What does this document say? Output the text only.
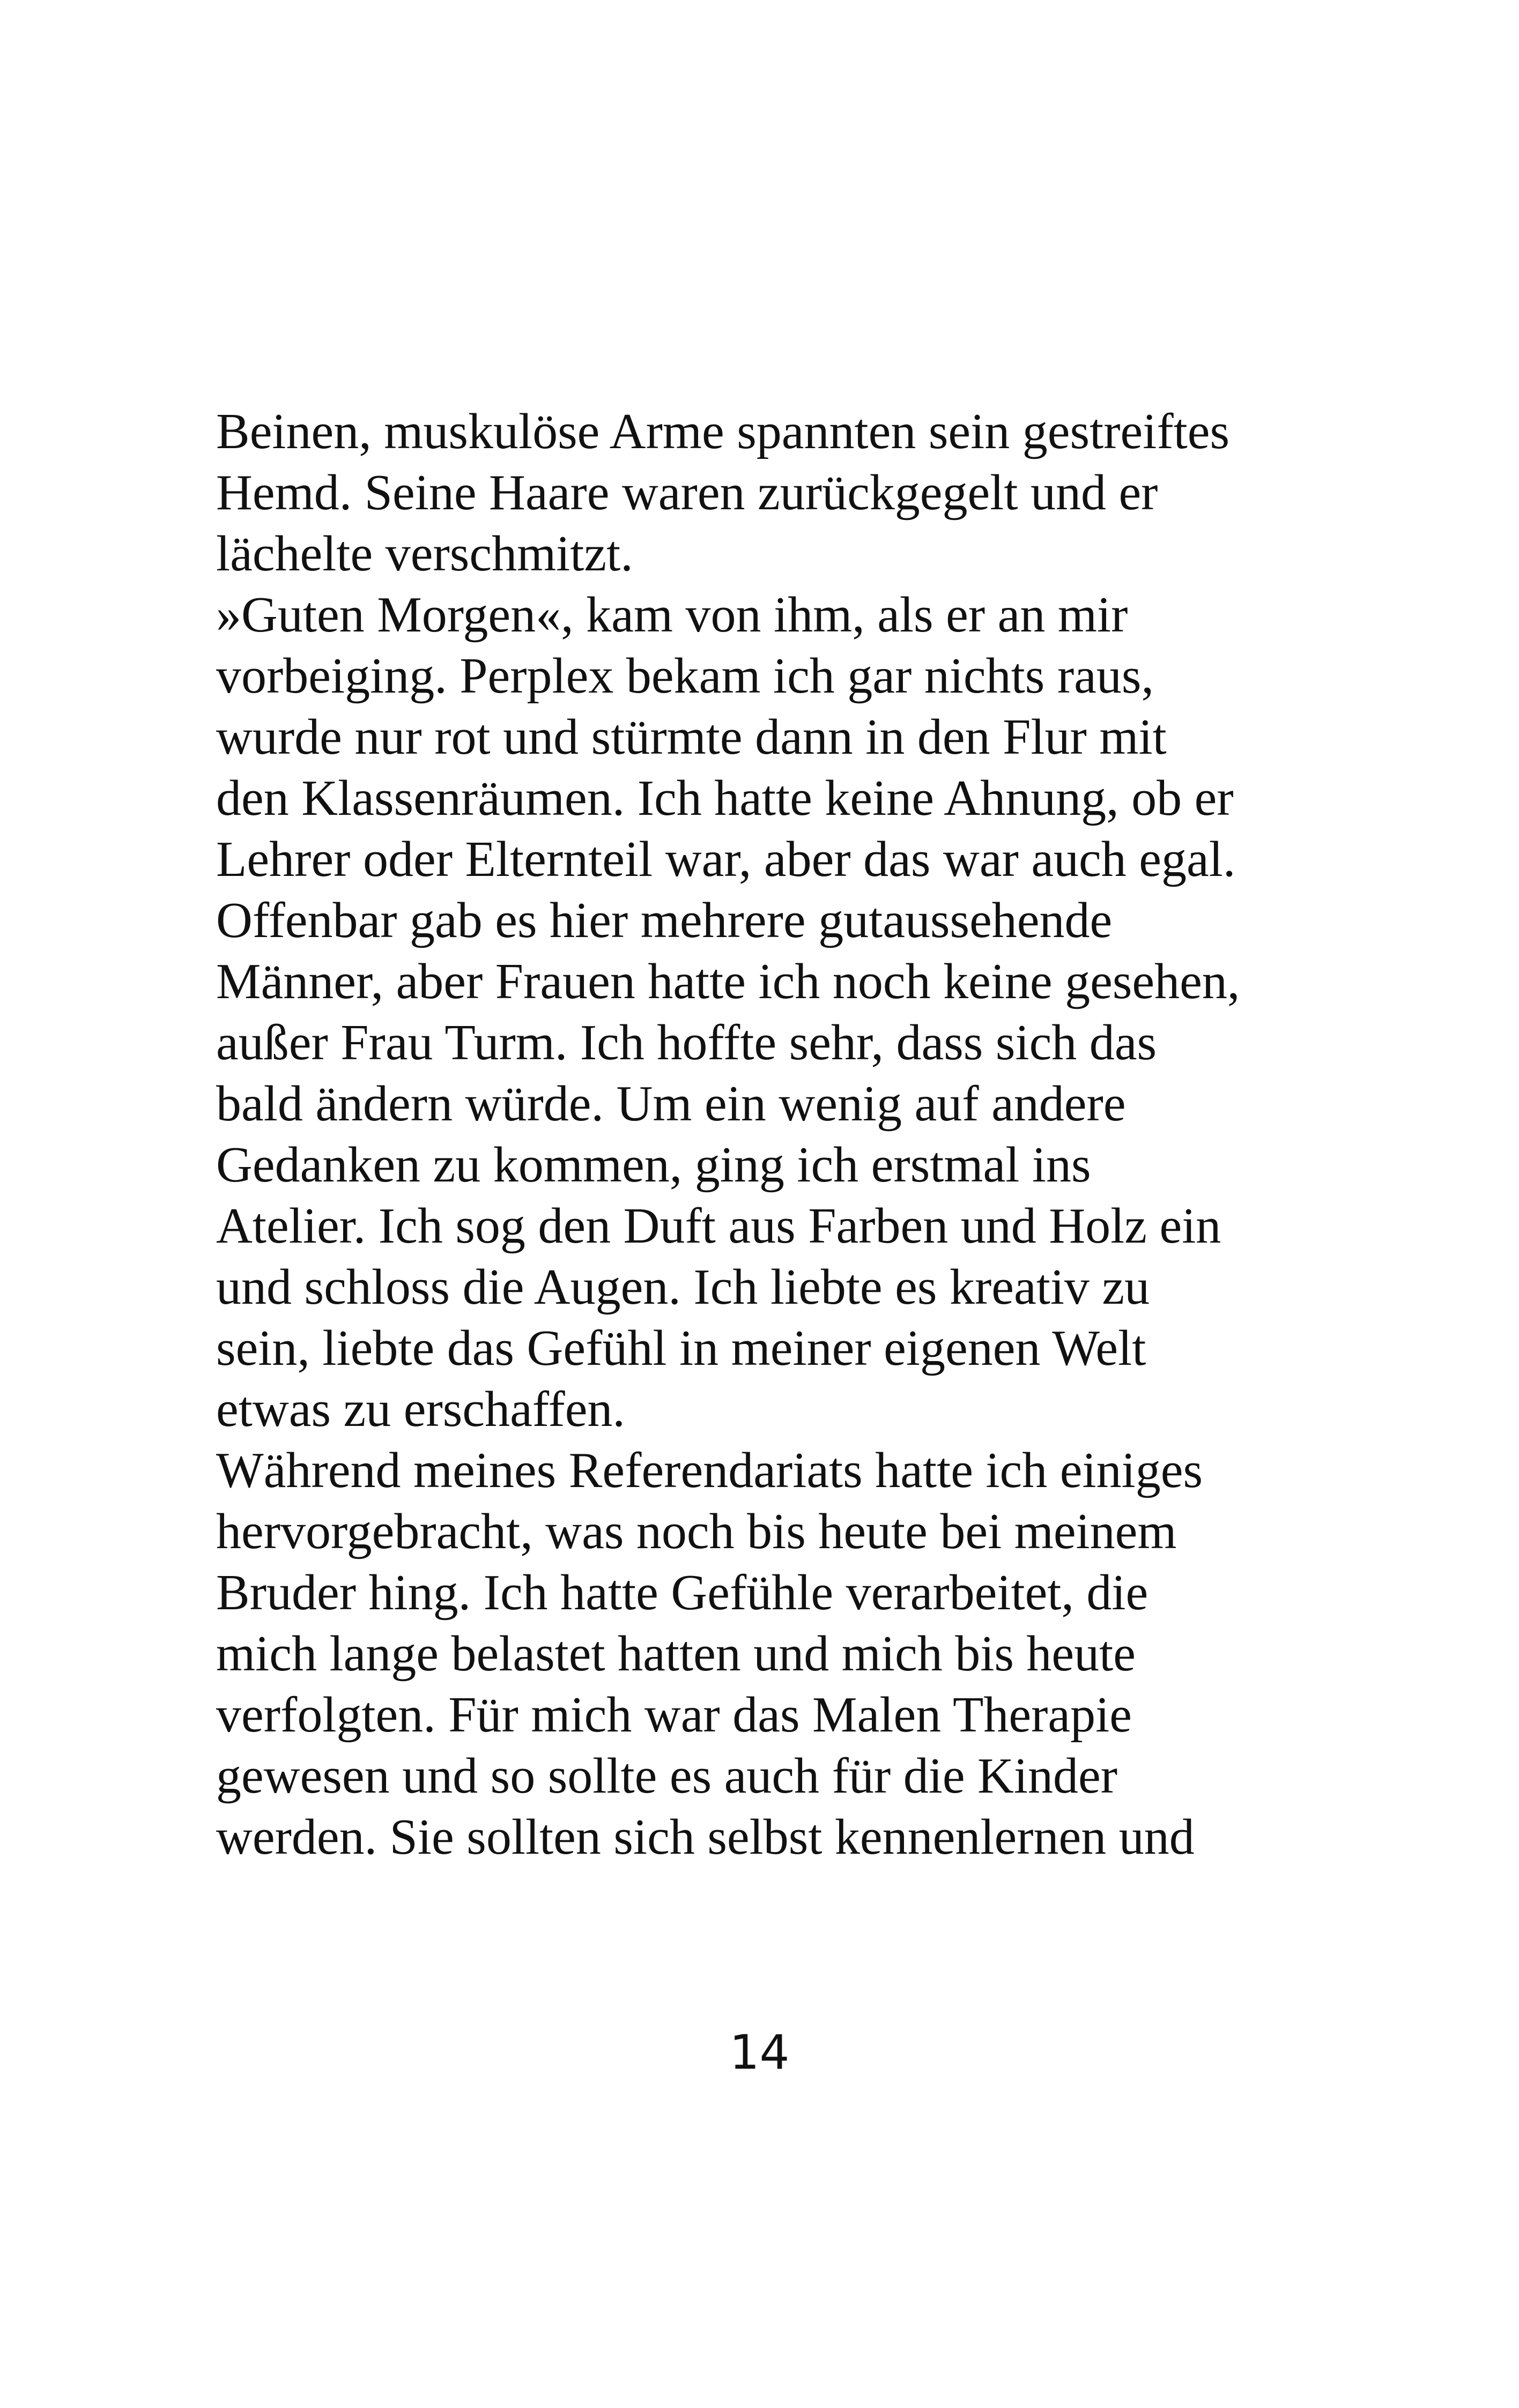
Beinen, muskulöse Arme spannten sein gestreiftes
Hemd. Seine Haare waren zurückgegelt und er
lächelte verschmitzt.
»Guten Morgen«, kam von ihm, als er an mir
vorbeiging. Perplex bekam ich gar nichts raus,
wurde nur rot und stürmte dann in den Flur mit
den Klassenräumen. Ich hatte keine Ahnung, ob er
Lehrer oder Elternteil war, aber das war auch egal.
Offenbar gab es hier mehrere gutaussehende
Männer, aber Frauen hatte ich noch keine gesehen,
außer Frau Turm. Ich hoffte sehr, dass sich das
bald ändern würde. Um ein wenig auf andere
Gedanken zu kommen, ging ich erstmal ins
Atelier. Ich sog den Duft aus Farben und Holz ein
und schloss die Augen. Ich liebte es kreativ zu
sein, liebte das Gefühl in meiner eigenen Welt
etwas zu erschaffen.
Während meines Referendariats hatte ich einiges
hervorgebracht, was noch bis heute bei meinem
Bruder hing. Ich hatte Gefühle verarbeitet, die
mich lange belastet hatten und mich bis heute
verfolgten. Für mich war das Malen Therapie
gewesen und so sollte es auch für die Kinder
werden. Sie sollten sich selbst kennenlernen und
14
